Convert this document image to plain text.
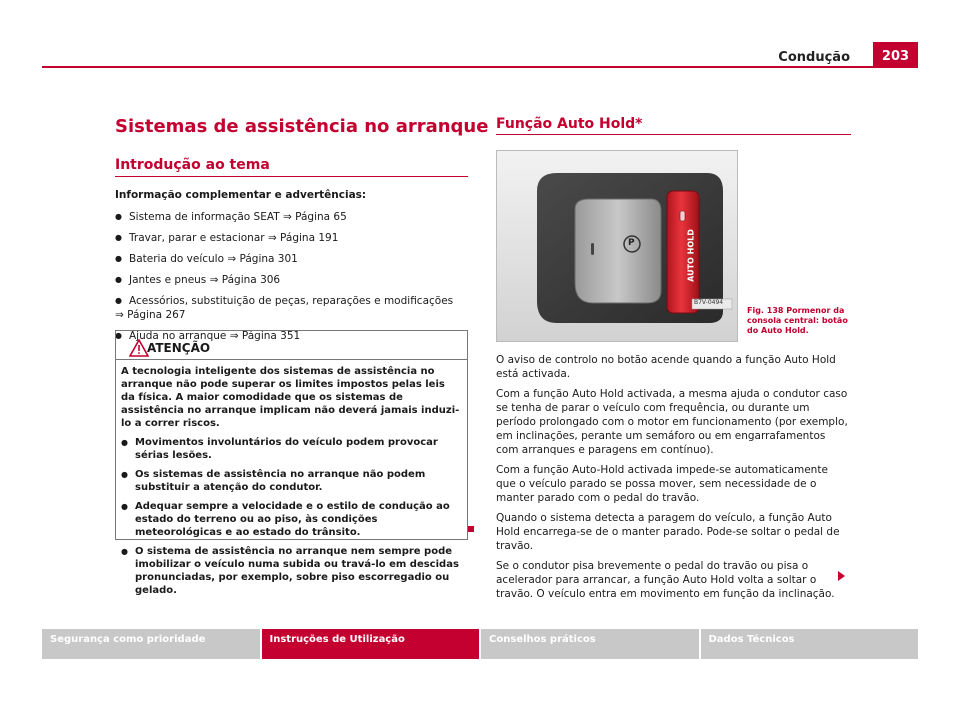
Condução	203
Sistemas de assistência no arranque
Introdução ao tema

Informação complementar e advertências:

● Sistema de informação SEAT ⇒ Página 65
● Travar, parar e estacionar ⇒ Página 191
● Bateria do veículo ⇒ Página 301
● Jantes e pneus ⇒ Página 306
● Acessórios, substituição de peças, reparações e modificações
⇒ Página 267
● Ajuda no arranque ⇒ Página 351
ATENÇÃO

A tecnologia inteligente dos sistemas de assistência no arranque não pode superar os limites impostos pelas leis da física. A maior comodidade que os sistemas de assistência no arranque implicam não deverá jamais induzi-lo a correr riscos.

● Movimentos involuntários do veículo podem provocar sérias lesões.
● Os sistemas de assistência no arranque não podem substituir a atenção do condutor.
● Adequar sempre a velocidade e o estilo de condução ao estado do terreno ou ao piso, às condições meteorológicas e ao estado do trânsito.
● O sistema de assistência no arranque nem sempre pode imobilizar o veículo numa subida ou travá-lo em descidas pronunciadas, por exemplo, sobre piso escorregadio ou gelado.
Função Auto Hold*
P	AUTO HOLD
B7V-0494
Fig. 138 Pormenor da consola central: botão do Auto Hold.

O aviso de controlo no botão acende quando a função Auto Hold está activada.

Com a função Auto Hold activada, a mesma ajuda o condutor caso se tenha de parar o veículo com frequência, ou durante um período prolongado com o motor em funcionamento (por exemplo, em inclinações, perante um semáforo ou em engarrafamentos com arranques e paragens em contínuo).

Com a função Auto-Hold activada impede-se automaticamente que o veículo parado se possa mover, sem necessidade de o manter parado com o pedal do travão.

Quando o sistema detecta a paragem do veículo, a função Auto Hold encarrega-se de o manter parado. Pode-se soltar o pedal de travão.

Se o condutor pisa brevemente o pedal do travão ou pisa o acelerador para arrancar, a função Auto Hold volta a soltar o travão. O veículo entra em movimento em função da inclinação.

Segurança como prioridade	Instruções de Utilização	Conselhos práticos	Dados Técnicos
